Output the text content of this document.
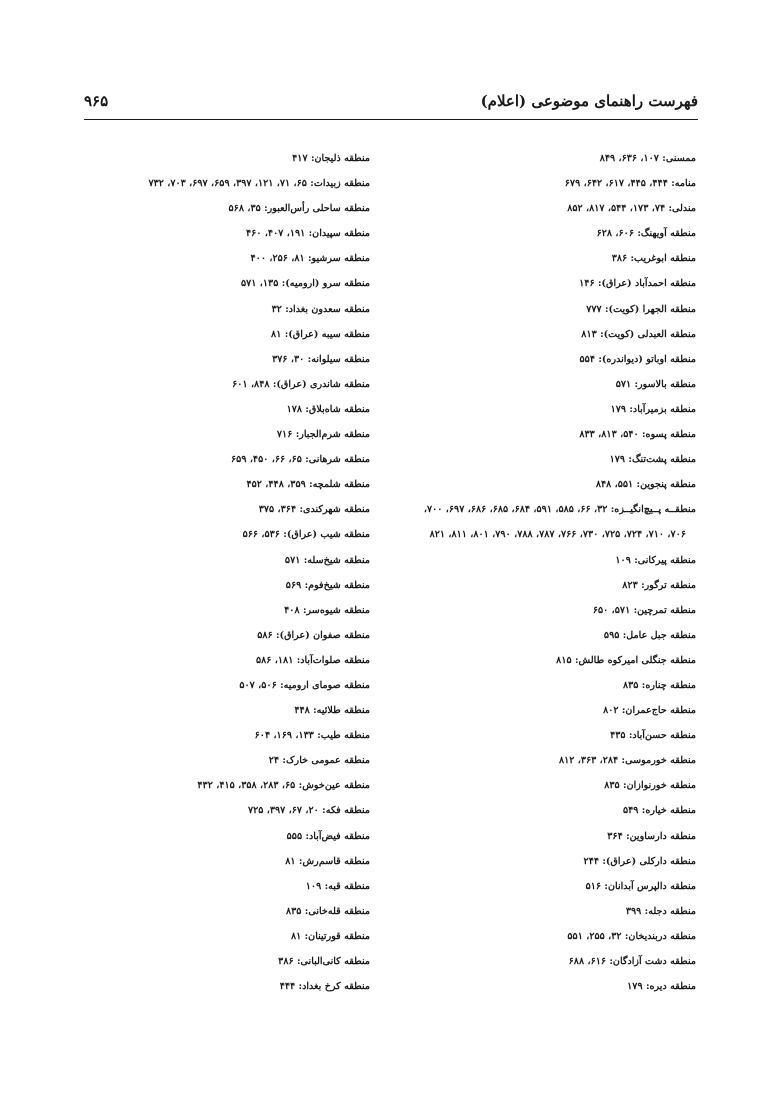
فهرست راهنمای موضوعی (اعلام)
۹۶۵
ممسنی: ۱۰۷، ۶۳۶، ۸۴۹
منامه: ۴۴۴، ۴۴۵، ۶۱۷، ۶۴۲، ۶۷۹
مندلی: ۷۴، ۱۷۳، ۵۴۴، ۸۱۷، ۸۵۲
منطقه آویهنگ: ۶۰۶، ۶۲۸
منطقه ابوغریب: ۳۸۶
منطقه احمدآباد (عراق): ۱۴۶
منطقه الجهرا (کویت): ۷۷۷
منطقه العبدلی (کویت): ۸۱۳
منطقه اوباتو (دیواندره): ۵۵۴
منطقه بالاسور: ۵۷۱
منطقه بزمیرآباد: ۱۷۹
منطقه پسوه: ۵۴۰، ۸۱۳، ۸۳۳
منطقه پشت‌تنگ: ۱۷۹
منطقه پنجوین: ۵۵۱، ۸۴۸
منطقــه پــیچ‌انگیــزه: ۳۲، ۶۶، ۵۸۵، ۵۹۱، ۶۸۴، ۶۸۵، ۶۸۶، ۶۹۷، ۷۰۰،
۷۰۶، ۷۱۰، ۷۲۴، ۷۲۵، ۷۳۰، ۷۶۶، ۷۸۷، ۷۸۸، ۷۹۰، ۸۰۱، ۸۱۱، ۸۲۱
منطقه پیرکانی: ۱۰۹
منطقه ترگور: ۸۲۳
منطقه تمرچین: ۵۷۱، ۶۵۰
منطقه جبل عامل: ۵۹۵
منطقه جنگلی امیرکوه طالش: ۸۱۵
منطقه چناره: ۸۳۵
منطقه حاج‌عمران: ۸۰۲
منطقه حسن‌آباد: ۴۳۵
منطقه خورموسی: ۲۸۴، ۳۶۳، ۸۱۲
منطقه خورنوازان: ۸۳۵
منطقه خیاره: ۵۴۹
منطقه دارساوین: ۳۶۴
منطقه دارکلی (عراق): ۲۴۴
منطقه دالپرس آبدانان: ۵۱۶
منطقه دجله: ۳۹۹
منطقه دربندیخان: ۳۲، ۲۵۵، ۵۵۱
منطقه دشت آزادگان: ۶۱۶، ۶۸۸
منطقه دیره: ۱۷۹
منطقه ذلیجان: ۴۱۷
منطقه زبیدات: ۶۵، ۷۱، ۱۲۱، ۳۹۷، ۶۵۹، ۶۹۷، ۷۰۳، ۷۳۲
منطقه ساحلی رأس‌العبور: ۳۵، ۵۶۸
منطقه سپیدان: ۱۹۱، ۴۰۷، ۴۶۰
منطقه سرشیو: ۸۱، ۲۵۶، ۴۰۰
منطقه سرو (ارومیه): ۱۳۵، ۵۷۱
منطقه سعدون بغداد: ۳۲
منطقه سیبه (عراق): ۸۱
منطقه سیلوانه: ۳۰، ۳۷۶
منطقه شاندری (عراق): ۸۴۸، ۶۰۱
منطقه شاه‌بلاق: ۱۷۸
منطقه شرم‌الجبار: ۷۱۶
منطقه شرهانی: ۶۵، ۶۶، ۴۵۰، ۶۵۹
منطقه شلمچه: ۳۵۹، ۴۴۸، ۴۵۲
منطقه شهرکندی: ۳۶۴، ۳۷۵
منطقه شیب (عراق): ۵۳۶، ۵۶۶
منطقه شیخ‌سله: ۵۷۱
منطقه شیخ‌فوم: ۵۶۹
منطقه شیوه‌سر: ۴۰۸
منطقه صفوان (عراق): ۵۸۶
منطقه صلوات‌آباد: ۱۸۱، ۵۸۶
منطقه صومای ارومیه: ۵۰۶، ۵۰۷
منطقه طلائیه: ۴۴۸
منطقه طیب: ۱۳۳، ۱۶۹، ۶۰۴
منطقه عمومی خارک: ۲۴
منطقه عین‌خوش: ۶۵، ۲۸۳، ۳۵۸، ۴۱۵، ۴۳۲
منطقه فکه: ۲۰، ۶۷، ۳۹۷، ۷۲۵
منطقه فیض‌آباد: ۵۵۵
منطقه قاسم‌رش: ۸۱
منطقه قبه: ۱۰۹
منطقه قله‌خانی: ۸۳۵
منطقه قورتینان: ۸۱
منطقه کانی‌البانی: ۳۸۶
منطقه کرخ بغداد: ۴۴۴
